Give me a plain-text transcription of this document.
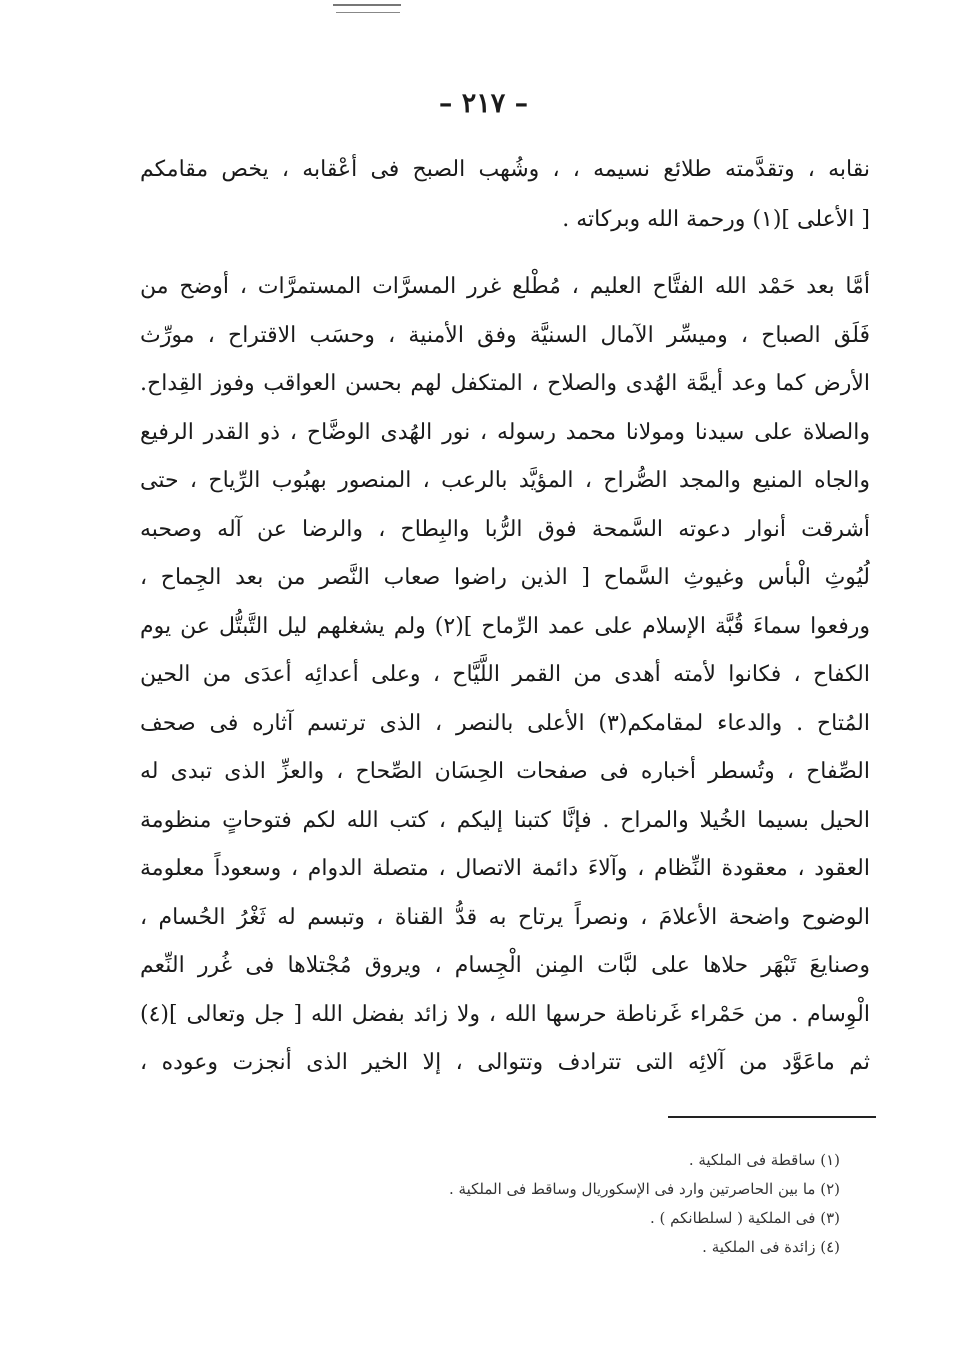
– ٢١٧ –
نقابه ، وتقدَّمته طلائع نسيمه ، ، وشُهب الصبح فى أعْقابه ، يخص مقامكم
[ الأعلى ](١) ورحمة الله وبركاته .
أمَّا بعد حَمْد الله الفتَّاح العليم ، مُطْلع غرر المسرَّات المستمرَّات ، أوضح من
فَلَق الصباح ، وميسِّر الآمال السنيَّة وفق الأمنية ، وحسَب الاقتراح ، مورِّث
الأرض كما وعد أيمَّة الهُدى والصلاح ، المتكفل لهم بحسن العواقب وفوز القِداح.
والصلاة على سيدنا ومولانا محمد رسوله ، نور الهُدى الوضَّاح ، ذو القدر الرفيع
والجاه المنيع والمجد الصُّراح ، المؤيَّد بالرعب ، المنصور بهبُوب الرِّياح ، حتى
أشرقت أنوار دعوته السَّمحة فوق الرُّبا والبِطاح ، والرضا عن آله وصحبه
لُيُوثِ الْبأس وغيوثِ السَّماح [ الذين راضوا صعاب النَّصر من بعد الجِماح ،
ورفعوا سماءَ قُبَّة الإسلام على عمد الرِّماح ](٢) ولم يشغلهم ليل التَّبتُّل عن يوم
الكفاح ، فكانوا لأمته أهدى من القمر اللَّيَّاح ، وعلى أعدائِه أعدَى من الحين
المُتاح . والدعاء لمقامكم(٣) الأعلى بالنصر ، الذى ترتسم آثاره فى صحف
الصِّفاح ، وتُسطر أخباره فى صفحات الحِسَان الصِّحاح ، والعزِّ الذى تبدى له
الحيل بسيما الخُيلا والمراح . فإنَّا كتبنا إليكم ، كتب الله لكم فتوحاتٍ منظومة
العقود ، معقودة النِّظام ، وآلاءَ دائمة الاتصال ، متصلة الدوام ، وسعوداً معلومة
الوضوح واضحة الأعلامَ ، ونصراً يرتاح به قدُّ القناة ، وتبسم له ثَغْرُ الحُسام ،
وصنايعَ تَبْهَر حلاها على لبَّات المِنن الْجِسام ، ويروق مُجْتلاها فى غُرر النِّعم
الْوِسام . من حَمْراء غَرناطة حرسها الله ، ولا زائد بفضل الله [ جل وتعالى ](٤)
ثم ماعَوَّد من آلائِه التى تترادف وتتوالى ، إلا الخير الذى أنجزت وعوده ،
(١) ساقطة فى الملكية .
(٢) ما بين الحاصرتين وارد فى الإسكوريال وساقط فى الملكية .
(٣) فى الملكية ( لسلطانكم ) .
(٤) زائدة فى الملكية .
